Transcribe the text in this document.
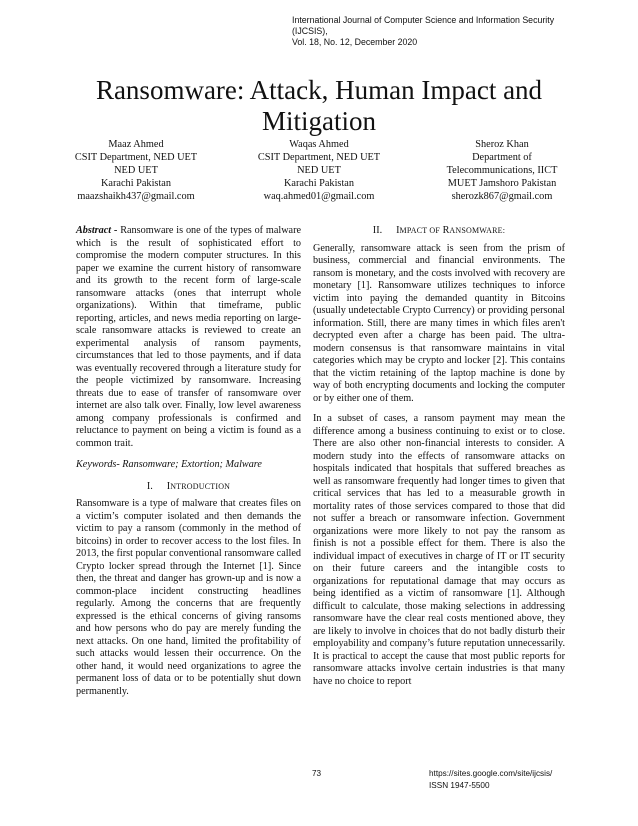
International Journal of Computer Science and Information Security (IJCSIS),
Vol. 18, No. 12, December 2020
Ransomware: Attack, Human Impact and
Mitigation
Maaz Ahmed
CSIT Department, NED UET
NED UET
Karachi Pakistan
maazshaikh437@gmail.com
Waqas Ahmed
CSIT Department, NED UET
NED UET
Karachi Pakistan
waq.ahmed01@gmail.com
Sheroz Khan
Department of
Telecommunications, IICT
MUET Jamshoro Pakistan
sherozk867@gmail.com

Abstract - Ransomware is one of the types of malware which is the result of sophisticated effort to compromise the modern computer structures. In this paper we examine the current history of ransomware and its growth to the recent form of large-scale ransomware attacks (ones that interrupt whole organizations). Within that timeframe, public reporting, articles, and news media reporting on large-scale ransomware attacks is reviewed to create an experimental analysis of ransom payments, circumstances that led to those payments, and if data was eventually recovered through a literature study for the people victimized by ransomware. Increasing threats due to ease of transfer of ransomware over internet are also talk over. Finally, low level awareness among company professionals is confirmed and reluctance to payment on being a victim is found as a common trait.

Keywords- Ransomware; Extortion; Malware

I. INTRODUCTION

Ransomware is a type of malware that creates files on a victim’s computer isolated and then demands the victim to pay a ransom (commonly in the method of bitcoins) in order to recover access to the lost files. In 2013, the first popular conventional ransomware called Crypto locker spread through the Internet [1]. Since then, the threat and danger has grown-up and is now a common-place incident constructing headlines regularly. Among the concerns that are frequently expressed is the ethical concerns of giving ransoms and how persons who do pay are merely funding the next attacks. On one hand, limited the profitability of such attacks would lessen their occurrence. On the other hand, it would need organizations to agree the permanent loss of data or to be potentially shut down permanently.

II. IMPACT OF RANSOMWARE:

Generally, ransomware attack is seen from the prism of business, commercial and financial environments. The ransom is monetary, and the costs involved with recovery are monetary [1]. Ransomware utilizes techniques to inforce victim into paying the demanded quantity in Bitcoins (usually undetectable Crypto Currency) or providing personal information. Still, there are many times in which files aren't decrypted even after a charge has been paid. The ultra-modern consensus is that ransomware maintains in vital categories which may be crypto and locker [2]. This contains that the victim retaining of the laptop machine is done by way of both encrypting documents and locking the computer or by either one of them.

In a subset of cases, a ransom payment may mean the difference among a business continuing to exist or to close. There are also other non-financial interests to consider. A modern study into the effects of ransomware attacks on hospitals indicated that hospitals that suffered breaches as well as ransomware frequently had longer times to given that critical services that has led to a measurable growth in mortality rates of those services compared to those that did not suffer a breach or ransomware infection. Government organizations were more likely to not pay the ransom as finish is not a possible effect for them. There is also the individual impact of executives in charge of IT or IT security on their future careers and the intangible costs to organizations for reputational damage that may occurs as being identified as a victim of ransomware [1]. Although difficult to calculate, those making selections in addressing ransomware have the clear real costs mentioned above, they are likely to involve in choices that do not badly disturb their employability and company’s future reputation unnecessarily. It is practical to accept the cause that most public reports for ransomware attacks involve certain industries is that many have no choice to report

73	https://sites.google.com/site/ijcsis/
ISSN 1947-5500
